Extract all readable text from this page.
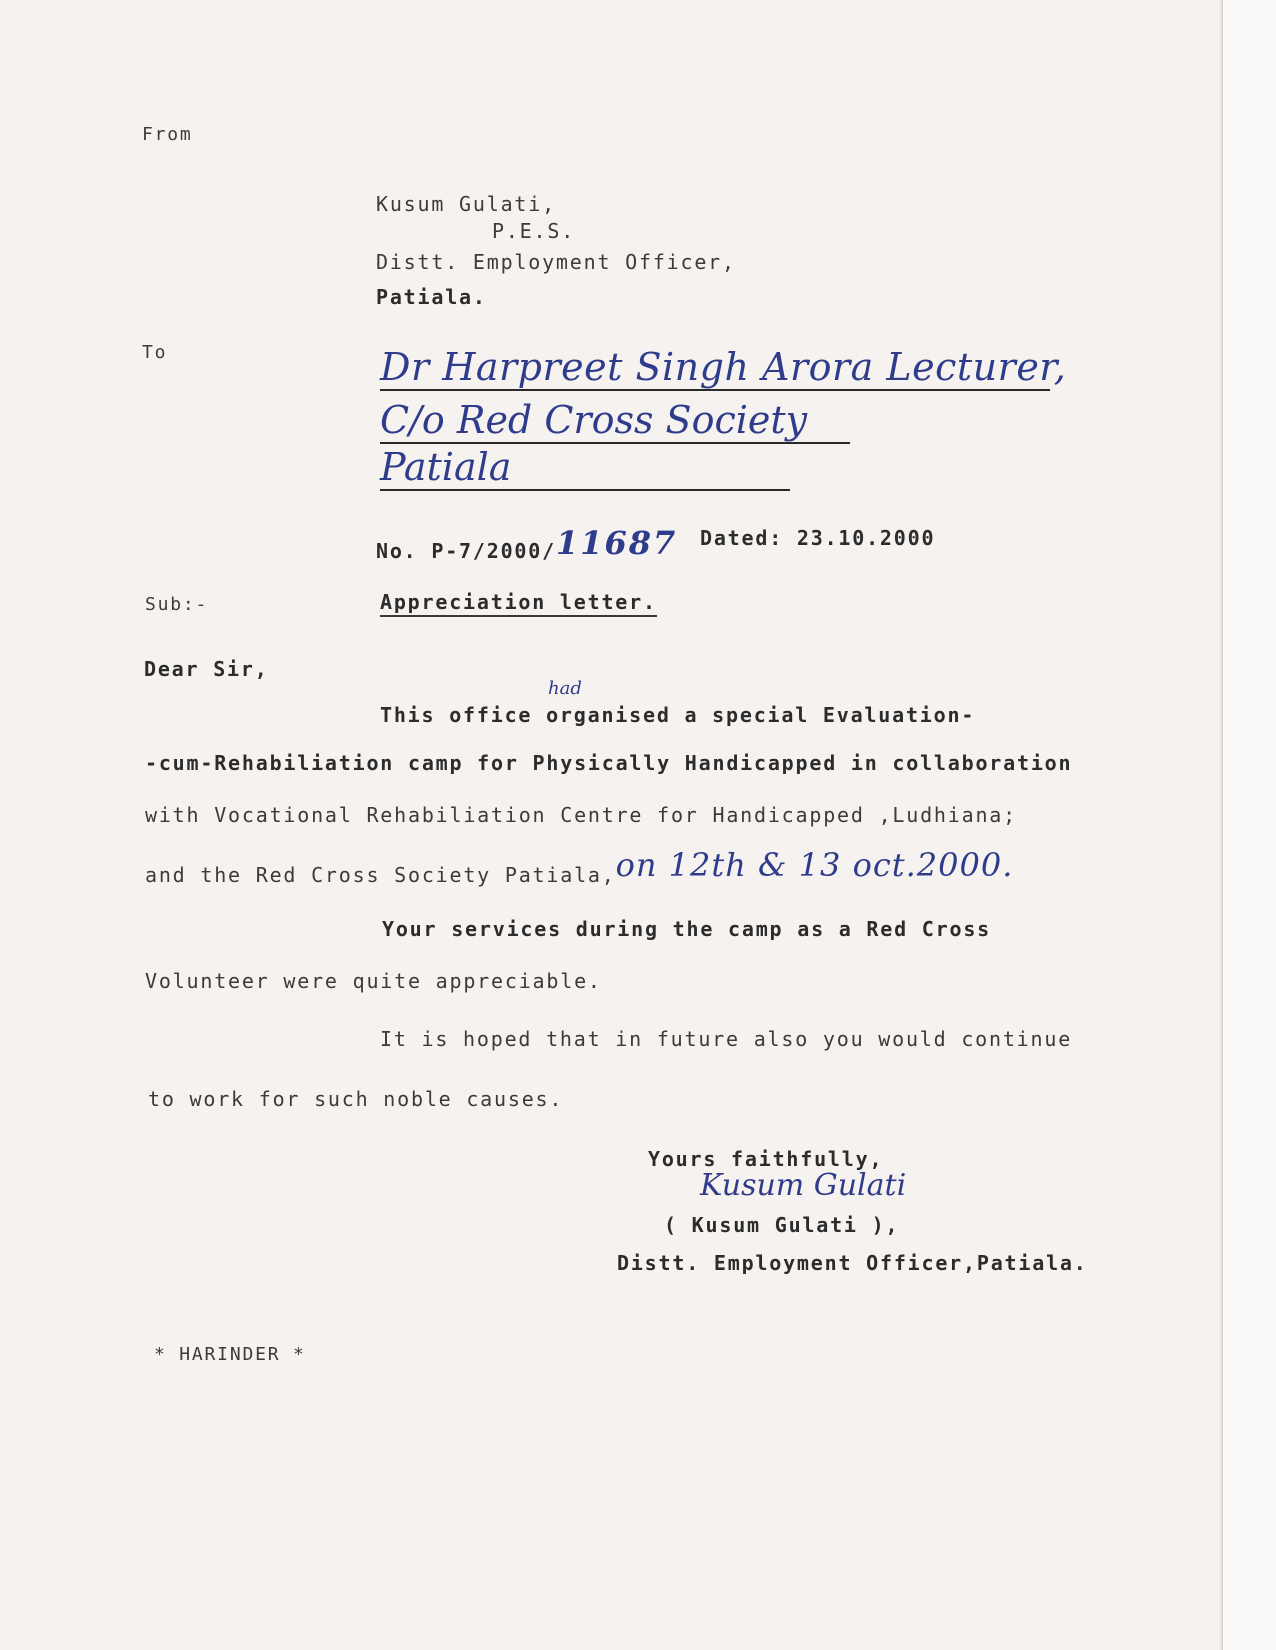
From
Kusum Gulati,
P.E.S.
Distt. Employment Officer,
Patiala.
To	Dr Harpreet Singh Arora Lecturer,
C/o Red Cross Society
Patiala
No. P-7/2000/11687 Dated: 23.10.2000
Sub:-	Appreciation letter.
Dear Sir,
had
This office organised a special Evaluation-
-cum-Rehabiliation camp for Physically Handicapped in collaboration
with Vocational Rehabiliation Centre for Handicapped ,Ludhiana;
and the Red Cross Society Patiala,on 12th & 13 oct.2000.
Your services during the camp as a Red Cross
Volunteer were quite appreciable.
It is hoped that in future also you would continue
to work for such noble causes.
Yours faithfully,
Kusum Gulati
( Kusum Gulati ),
Distt. Employment Officer,Patiala.
* HARINDER *
